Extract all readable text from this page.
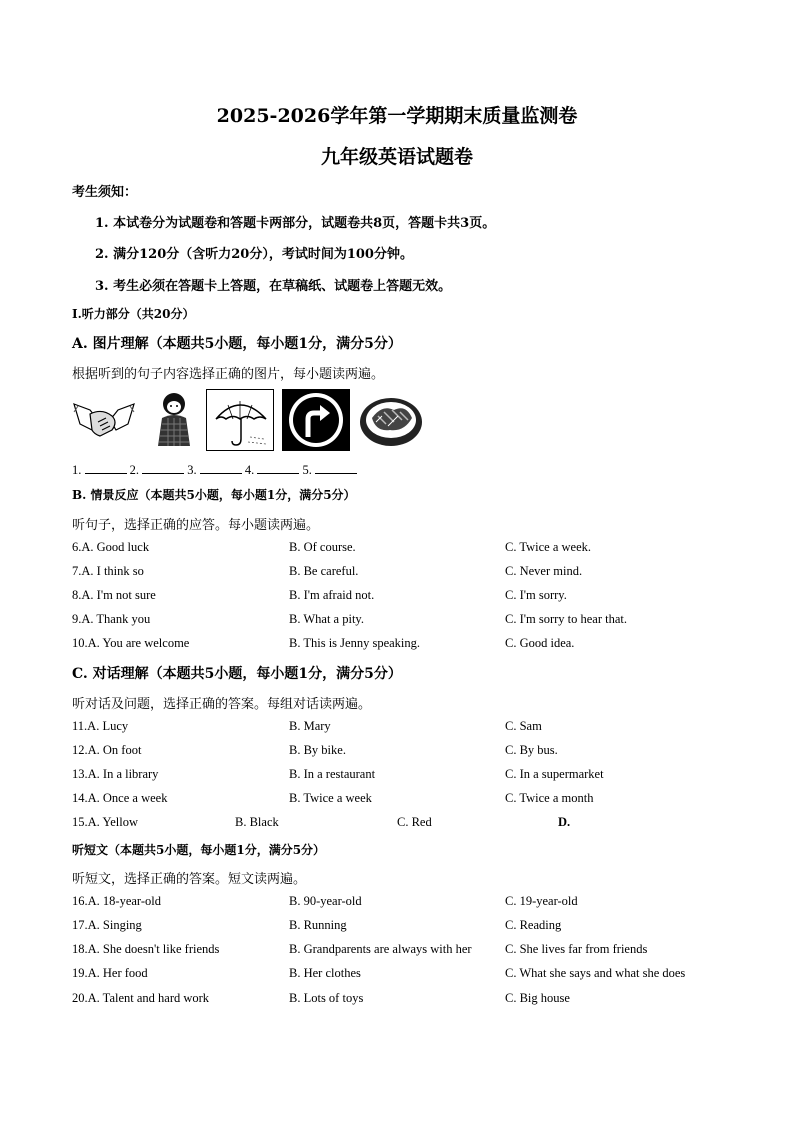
2025-2026学年第一学期期末质量监测卷
九年级英语试题卷
考生须知：
1. 本试卷分为试题卷和答题卡两部分，试题卷共8页，答题卡共3页。
2. 满分120分（含听力20分），考试时间为100分钟。
3. 考生必须在答题卡上答题，在草稿纸、试题卷上答题无效。
I.听力部分（共20分）
A. 图片理解（本题共5小题，每小题1分，满分5分）
根据听到的句子内容选择正确的图片，每小题读两遍。
1.	2.	3.	4.	5.
B. 情景反应（本题共5小题，每小题1分，满分5分）
听句子，选择正确的应答。每小题读两遍。
6.A. Good luck	B. Of course.	C. Twice a week.
7.A. I think so	B. Be careful.	C. Never mind.
8.A. I'm not sure	B. I'm afraid not.	C. I'm sorry.
9.A. Thank you	B. What a pity.	C. I'm sorry to hear that.
10.A. You are welcome	B. This is Jenny speaking.	C. Good idea.
C. 对话理解（本题共5小题，每小题1分，满分5分）
听对话及问题，选择正确的答案。每组对话读两遍。
11.A. Lucy	B. Mary	C. Sam
12.A. On foot	B. By bike.	C. By bus.
13.A. In a library	B. In a restaurant	C. In a supermarket
14.A. Once a week	B. Twice a week	C. Twice a month
15.A. Yellow	B. Black	C. Red	D.
听短文（本题共5小题，每小题1分，满分5分）
听短文，选择正确的答案。短文读两遍。
16.A. 18-year-old	B. 90-year-old	C. 19-year-old
17.A. Singing	B. Running	C. Reading
18.A. She doesn't like friends	B. Grandparents are always with her	C. She lives far from friends
19.A. Her food	B. Her clothes	C. What she says and what she does
20.A. Talent and hard work	B. Lots of toys	C. Big house
